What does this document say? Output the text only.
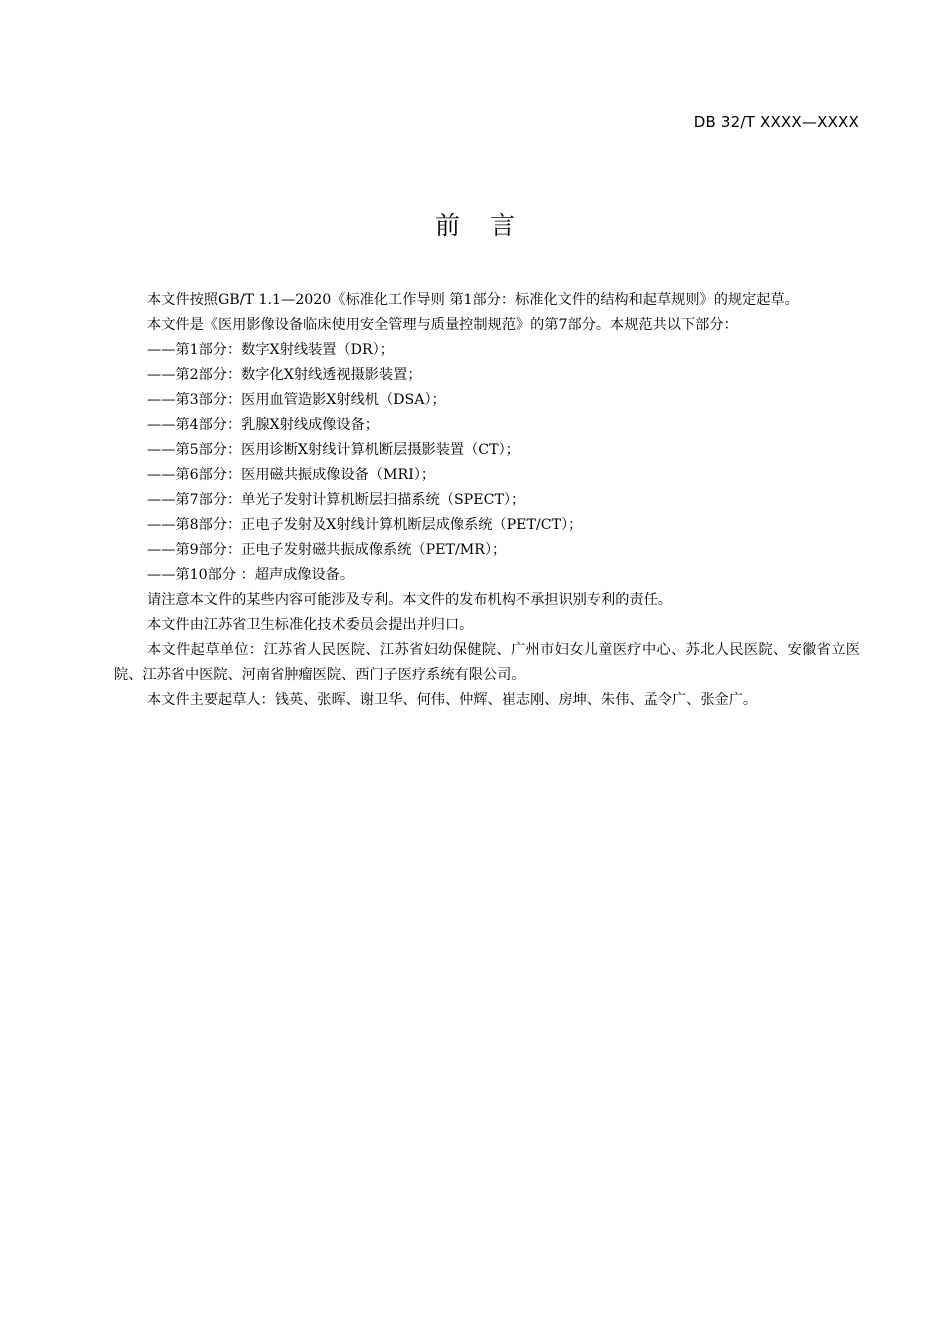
DB 32/T XXXX—XXXX
前言

本文件按照GB/T 1.1—2020《标准化工作导则 第1部分：标准化文件的结构和起草规则》的规定起草。

本文件是《医用影像设备临床使用安全管理与质量控制规范》的第7部分。本规范共以下部分：

——第1部分：数字X射线装置（DR）；

——第2部分：数字化X射线透视摄影装置；

——第3部分：医用血管造影X射线机（DSA）；

——第4部分：乳腺X射线成像设备；

——第5部分：医用诊断X射线计算机断层摄影装置（CT）；

——第6部分：医用磁共振成像设备（MRI）；

——第7部分：单光子发射计算机断层扫描系统（SPECT）；

——第8部分：正电子发射及X射线计算机断层成像系统（PET/CT）；

——第9部分：正电子发射磁共振成像系统（PET/MR）；

——第10部分 ：超声成像设备。

请注意本文件的某些内容可能涉及专利。本文件的发布机构不承担识别专利的责任。

本文件由江苏省卫生标准化技术委员会提出并归口。

本文件起草单位：江苏省人民医院、江苏省妇幼保健院、广州市妇女儿童医疗中心、苏北人民医院、安徽省立医院、江苏省中医院、河南省肿瘤医院、西门子医疗系统有限公司。

本文件主要起草人：钱英、张晖、谢卫华、何伟、仲辉、崔志刚、房坤、朱伟、孟令广、张金广。
